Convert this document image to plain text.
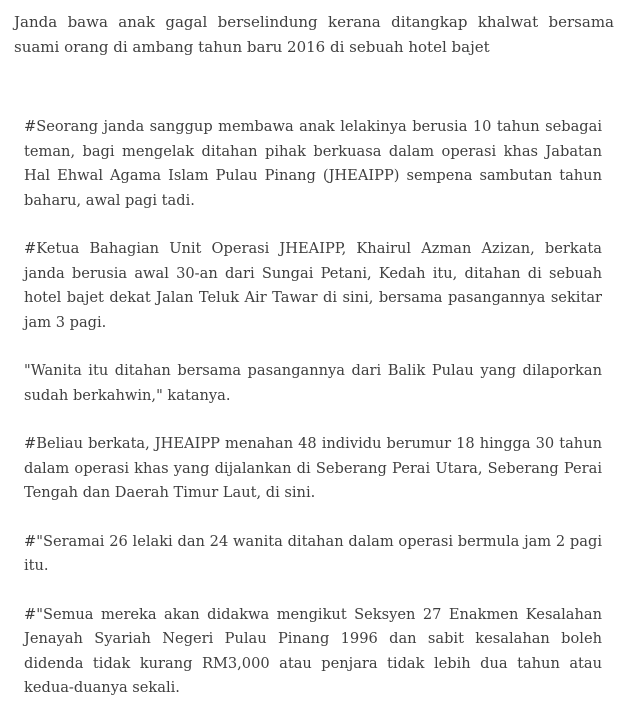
Janda bawa anak gagal berselindung kerana ditangkap khalwat bersama suami orang di ambang tahun baru 2016 di sebuah hotel bajet

#Seorang janda sanggup membawa anak lelakinya berusia 10 tahun sebagai teman, bagi mengelak ditahan pihak berkuasa dalam operasi khas Jabatan Hal Ehwal Agama Islam Pulau Pinang (JHEAIPP) sempena sambutan tahun baharu, awal pagi tadi.

#Ketua Bahagian Unit Operasi JHEAIPP, Khairul Azman Azizan, berkata janda berusia awal 30-an dari Sungai Petani, Kedah itu, ditahan di sebuah hotel bajet dekat Jalan Teluk Air Tawar di sini, bersama pasangannya sekitar jam 3 pagi.

"Wanita itu ditahan bersama pasangannya dari Balik Pulau yang dilaporkan sudah berkahwin," katanya.

#Beliau berkata, JHEAIPP menahan 48 individu berumur 18 hingga 30 tahun dalam operasi khas yang dijalankan di Seberang Perai Utara, Seberang Perai Tengah dan Daerah Timur Laut, di sini.

#"Seramai 26 lelaki dan 24 wanita ditahan dalam operasi bermula jam 2 pagi itu.

#"Semua mereka akan didakwa mengikut Seksyen 27 Enakmen Kesalahan Jenayah Syariah Negeri Pulau Pinang 1996 dan sabit kesalahan boleh didenda tidak kurang RM3,000 atau penjara tidak lebih dua tahun atau kedua-duanya sekali.
